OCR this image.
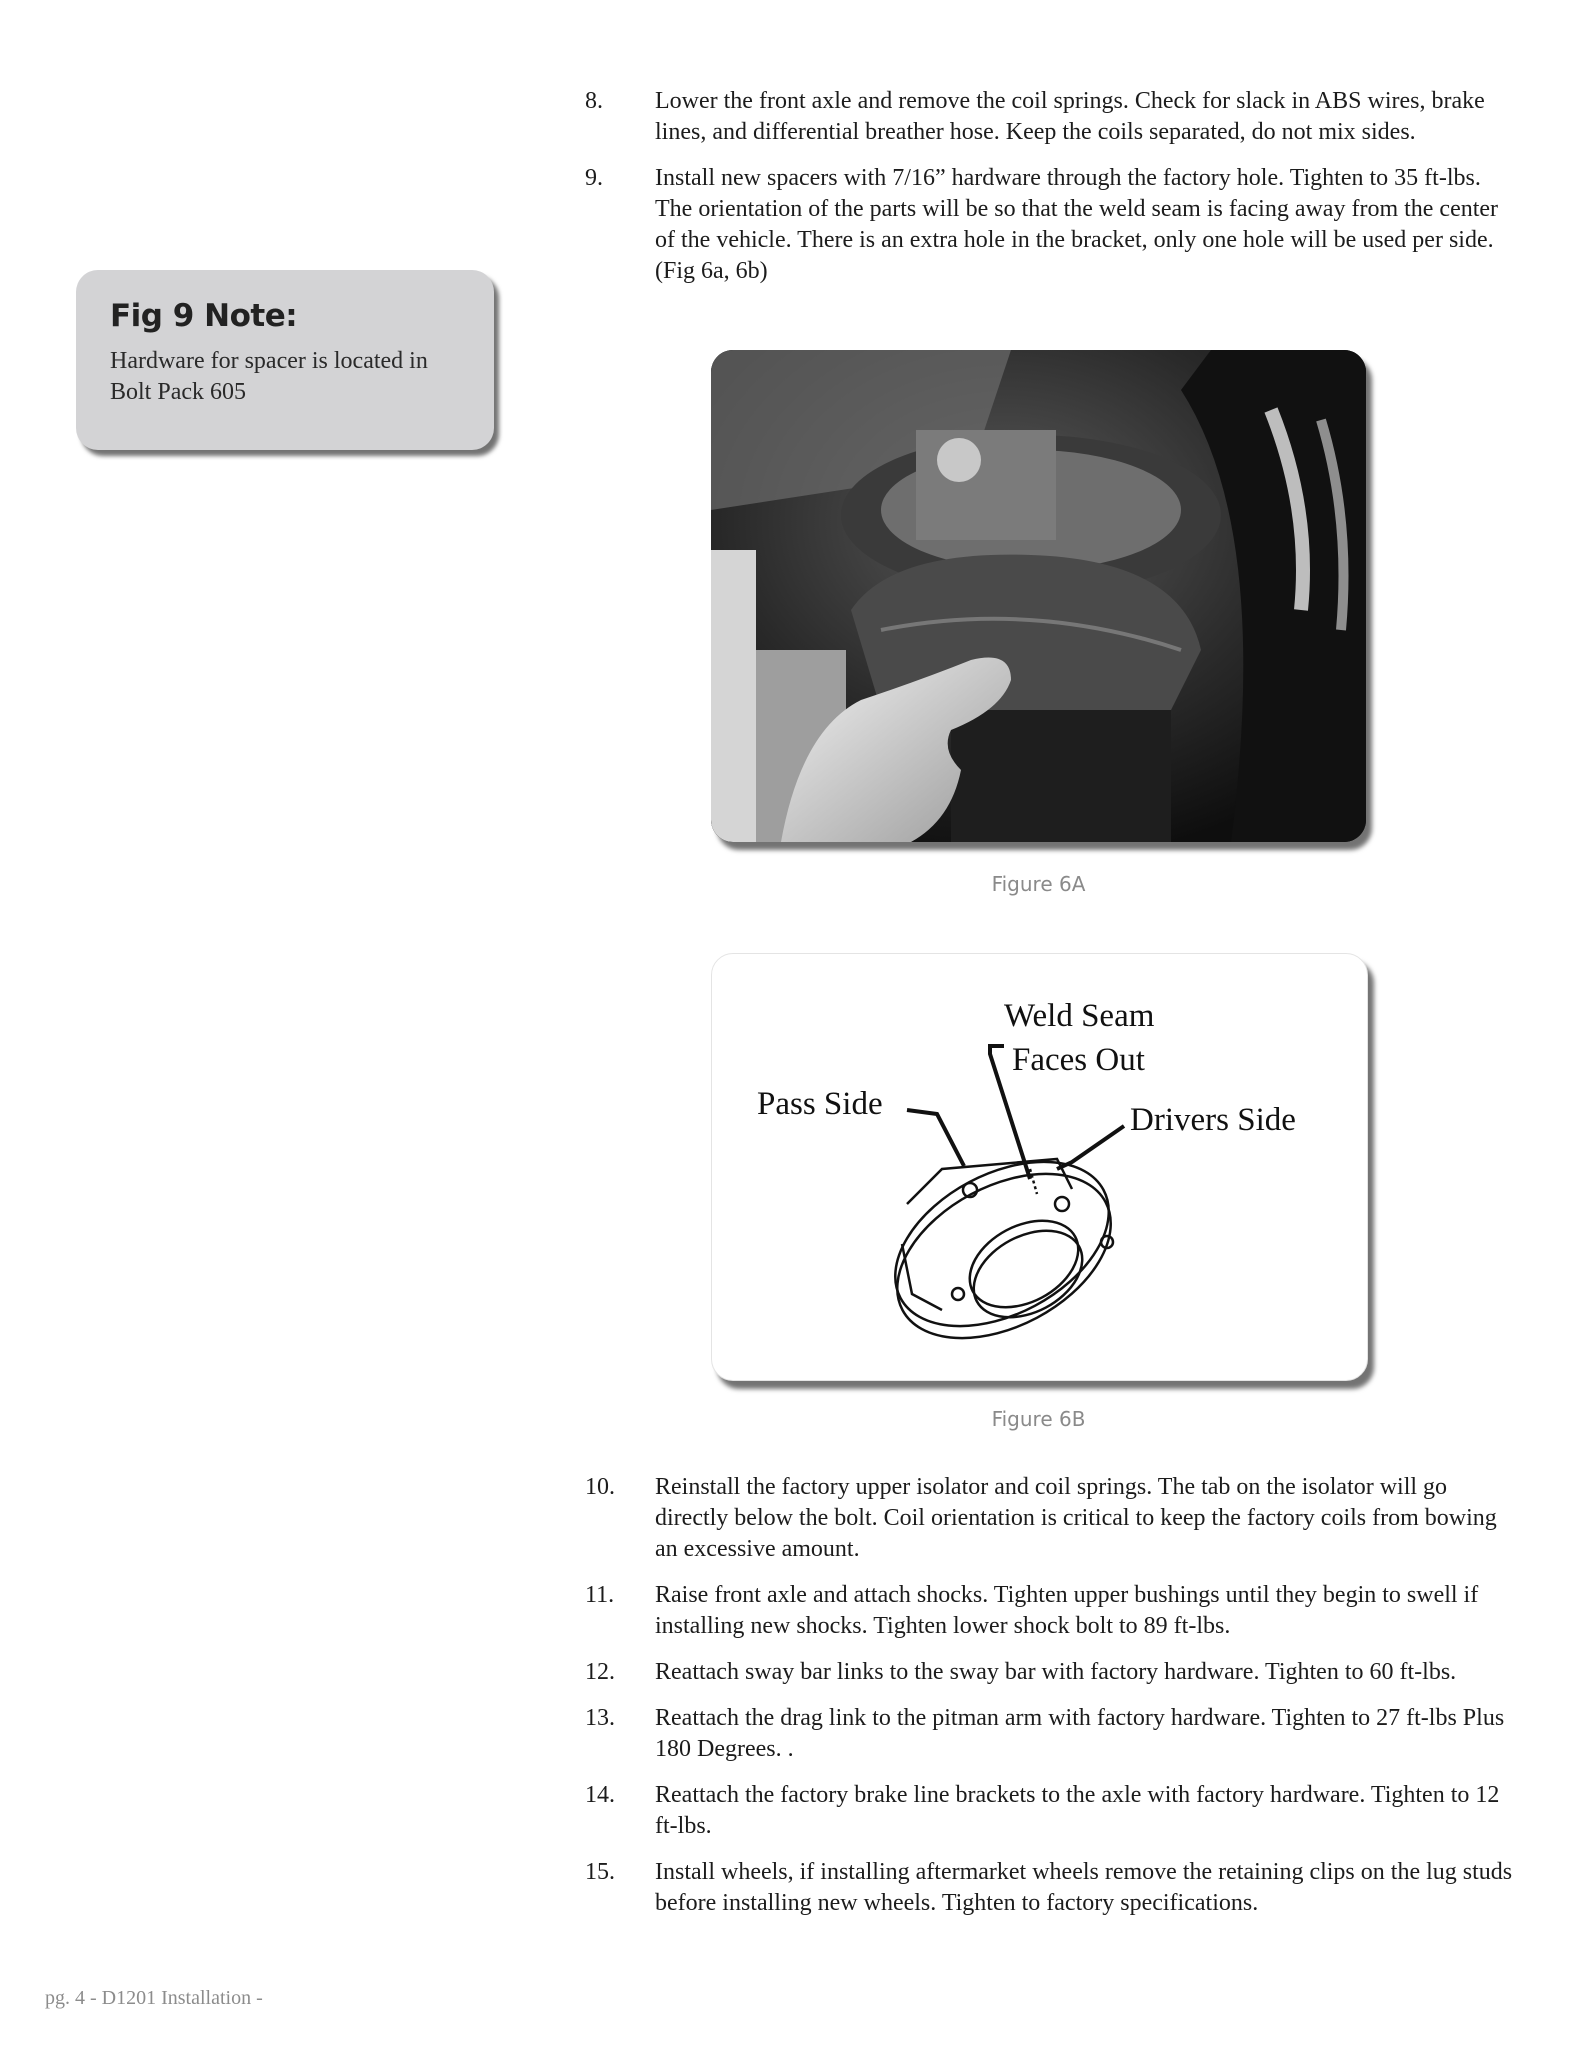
Fig 9 Note:
Hardware for spacer is located in Bolt Pack 605
8.	Lower the front axle and remove the coil springs. Check for slack in ABS wires, brake lines, and differential breather hose. Keep the coils separated, do not mix sides.
9.	Install new spacers with 7/16” hardware through the factory hole. Tighten to 35 ft-lbs. The orientation of the parts will be so that the weld seam is facing away from the center of the vehicle. There is an extra hole in the bracket, only one hole will be used per side. (Fig 6a, 6b)
Figure 6A
Weld Seam
Faces Out
Pass Side	Drivers Side
Figure 6B
10.	Reinstall the factory upper isolator and coil springs. The tab on the isolator will go directly below the bolt. Coil orientation is critical to keep the factory coils from bowing an excessive amount.
11.	Raise front axle and attach shocks. Tighten upper bushings until they begin to swell if installing new shocks. Tighten lower shock bolt to 89 ft-lbs.
12.	Reattach sway bar links to the sway bar with factory hardware. Tighten to 60 ft-lbs.
13.	Reattach the drag link to the pitman arm with factory hardware. Tighten to 27 ft-lbs Plus 180 Degrees. .
14.	Reattach the factory brake line brackets to the axle with factory hardware. Tighten to 12 ft-lbs.
15.	Install wheels, if installing aftermarket wheels remove the retaining clips on the lug studs before installing new wheels. Tighten to factory specifications.
pg. 4 - D1201 Installation -
